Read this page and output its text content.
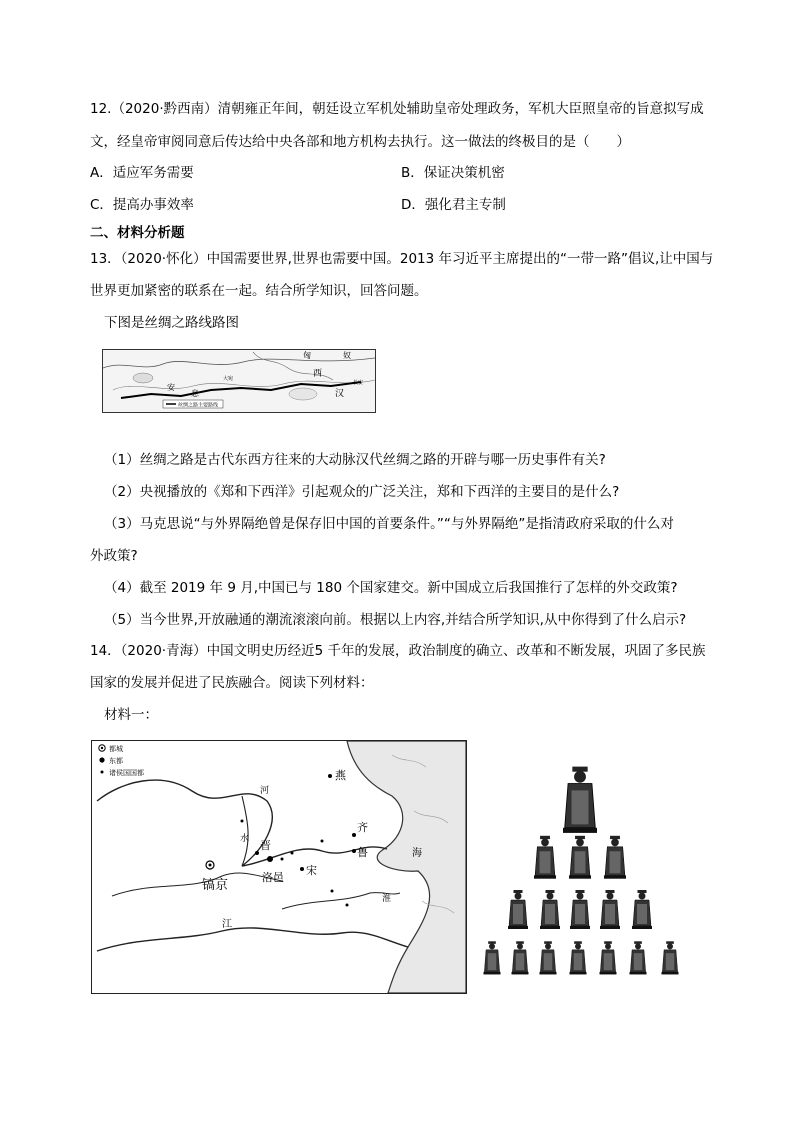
12.（2020·黔西南）清朝雍正年间，朝廷设立军机处辅助皇帝处理政务，军机大臣照皇帝的旨意拟写成
文，经皇帝审阅同意后传达给中央各部和地方机构去执行。这一做法的终极目的是（　　）
A．适应军务需要	B．保证决策机密
C．提高办事效率	D．强化君主专制
二、材料分析题
13．（2020·怀化）中国需要世界,世界也需要中国。2013 年习近平主席提出的“一带一路”倡议,让中国与
世界更加紧密的联系在一起。结合所学知识，回答问题。
下图是丝绸之路线路图
丝绸之路主要路线
匈	奴
西
汉
长安
安
息
大宛
（1）丝绸之路是古代东西方往来的大动脉汉代丝绸之路的开辟与哪一历史事件有关?
（2）央视播放的《郑和下西洋》引起观众的广泛关注，郑和下西洋的主要目的是什么?
（3）马克思说“与外界隔绝曾是保存旧中国的首要条件。”“与外界隔绝”是指清政府采取的什么对
外政策?
（4）截至 2019 年 9 月,中国已与 180 个国家建交。新中国成立后我国推行了怎样的外交政策?
（5）当今世界,开放融通的潮流滚滚向前。根据以上内容,并结合所学知识,从中你得到了什么启示?
14．（2020·青海）中国文明史历经近5 千年的发展，政治制度的确立、改革和不断发展，巩固了多民族
国家的发展并促进了民族融合。阅读下列材料：
材料一：
都城
东都
诸侯国国都	燕
齐
鲁
晋
洛邑
宋
镐京
河
水
江
淮
海
